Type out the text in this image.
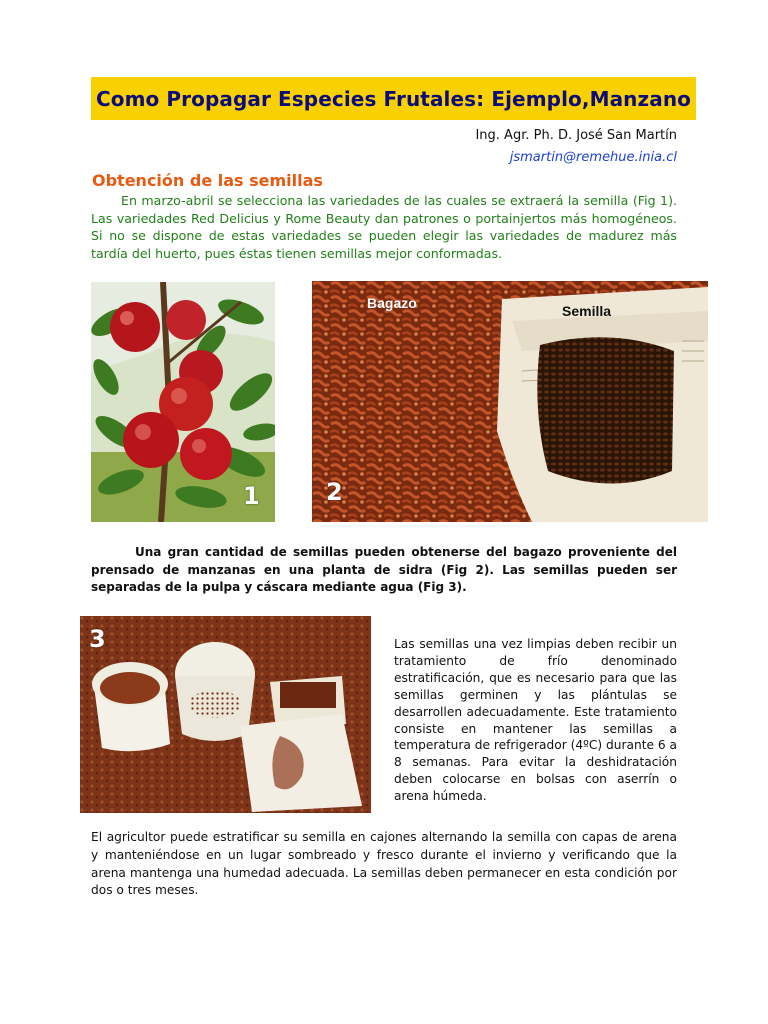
Como Propagar Especies Frutales: Ejemplo,Manzano
Ing. Agr. Ph. D. José San Martín
jsmartin@remehue.inia.cl
Obtención de las semillas

En marzo-abril se selecciona las variedades de las cuales se extraerá la semilla (Fig 1). Las variedades Red Delicius y Rome Beauty dan patrones o portainjertos más homogéneos. Si no se dispone de estas variedades se pueden elegir las variedades de madurez más tardía del huerto, pues éstas tienen semillas mejor conformadas.

1
Bagazo	Semilla
2

Una gran cantidad de semillas pueden obtenerse del bagazo proveniente del prensado de manzanas en una planta de sidra (Fig 2). Las semillas pueden ser separadas de la pulpa y cáscara mediante agua (Fig 3).

3	Las semillas una vez limpias deben recibir un tratamiento de frío denominado estratificación, que es necesario para que las semillas germinen y las plántulas se desarrollen adecuadamente. Este tratamiento consiste en mantener las semillas a temperatura de refrigerador (4ºC) durante 6 a 8 semanas. Para evitar la deshidratación deben colocarse en bolsas con aserrín o arena húmeda.

El agricultor puede estratificar su semilla en cajones alternando la semilla con capas de arena y manteniéndose en un lugar sombreado y fresco durante el invierno y verificando que la arena mantenga una humedad adecuada. La semillas deben permanecer en esta condición por dos o tres meses.
